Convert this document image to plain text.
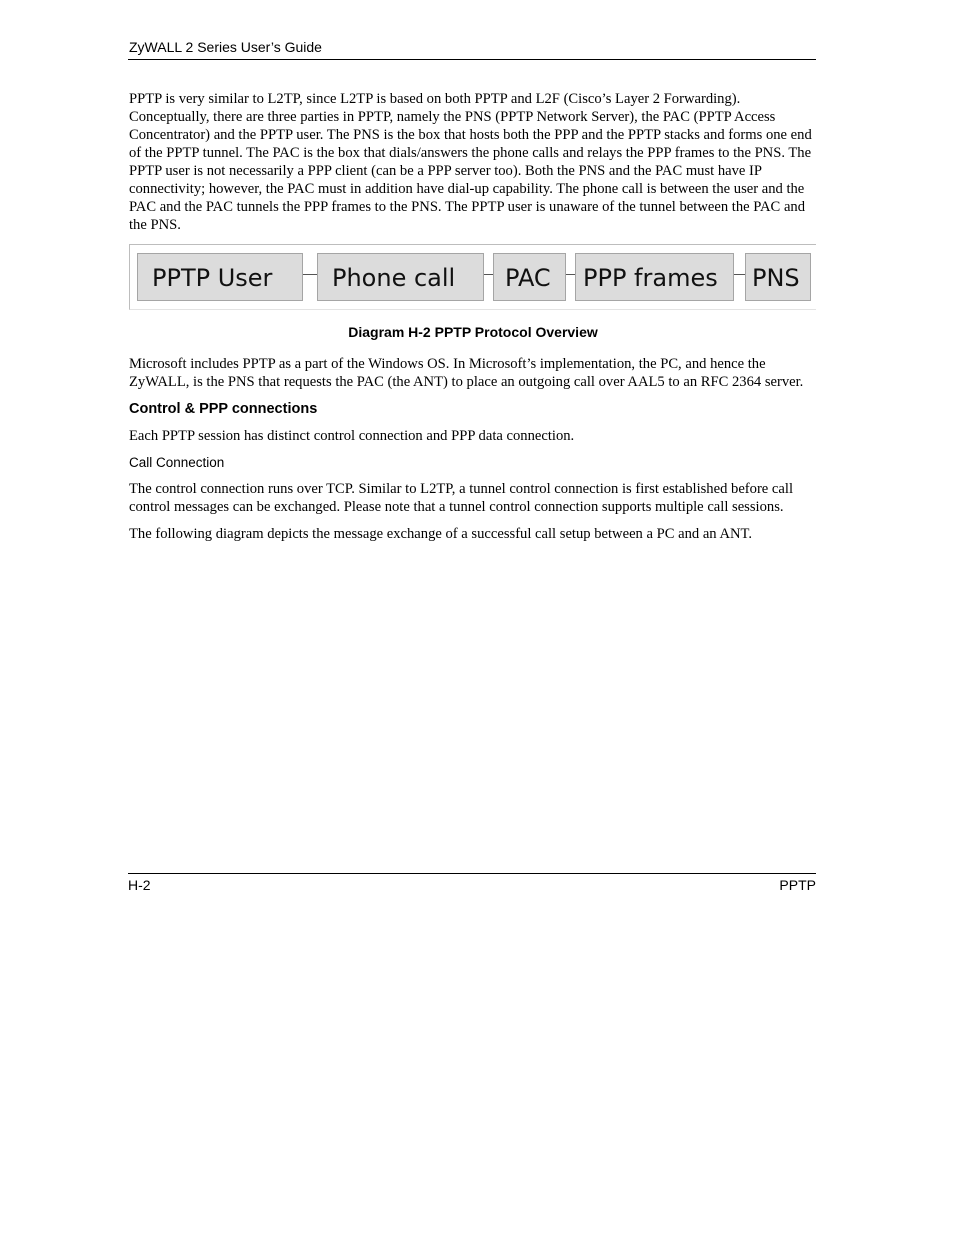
ZyWALL 2 Series User’s Guide

PPTP is very similar to L2TP, since L2TP is based on both PPTP and L2F (Cisco’s Layer 2 Forwarding). Conceptually, there are three parties in PPTP, namely the PNS (PPTP Network Server), the PAC (PPTP Access Concentrator) and the PPTP user. The PNS is the box that hosts both the PPP and the PPTP stacks and forms one end of the PPTP tunnel. The PAC is the box that dials/answers the phone calls and relays the PPP frames to the PNS. The PPTP user is not necessarily a PPP client (can be a PPP server too). Both the PNS and the PAC must have IP connectivity; however, the PAC must in addition have dial-up capability. The phone call is between the user and the PAC and the PAC tunnels the PPP frames to the PNS. The PPTP user is unaware of the tunnel between the PAC and the PNS.

PPTP User	Phone call	PAC	PPP frames	PNS
Diagram H-2 PPTP Protocol Overview

Microsoft includes PPTP as a part of the Windows OS. In Microsoft’s implementation, the PC, and hence the ZyWALL, is the PNS that requests the PAC (the ANT) to place an outgoing call over AAL5 to an RFC 2364 server.

Control & PPP connections

Each PPTP session has distinct control connection and PPP data connection.

Call Connection

The control connection runs over TCP. Similar to L2TP, a tunnel control connection is first established before call control messages can be exchanged. Please note that a tunnel control connection supports multiple call sessions.

The following diagram depicts the message exchange of a successful call setup between a PC and an ANT.

H-2	PPTP
